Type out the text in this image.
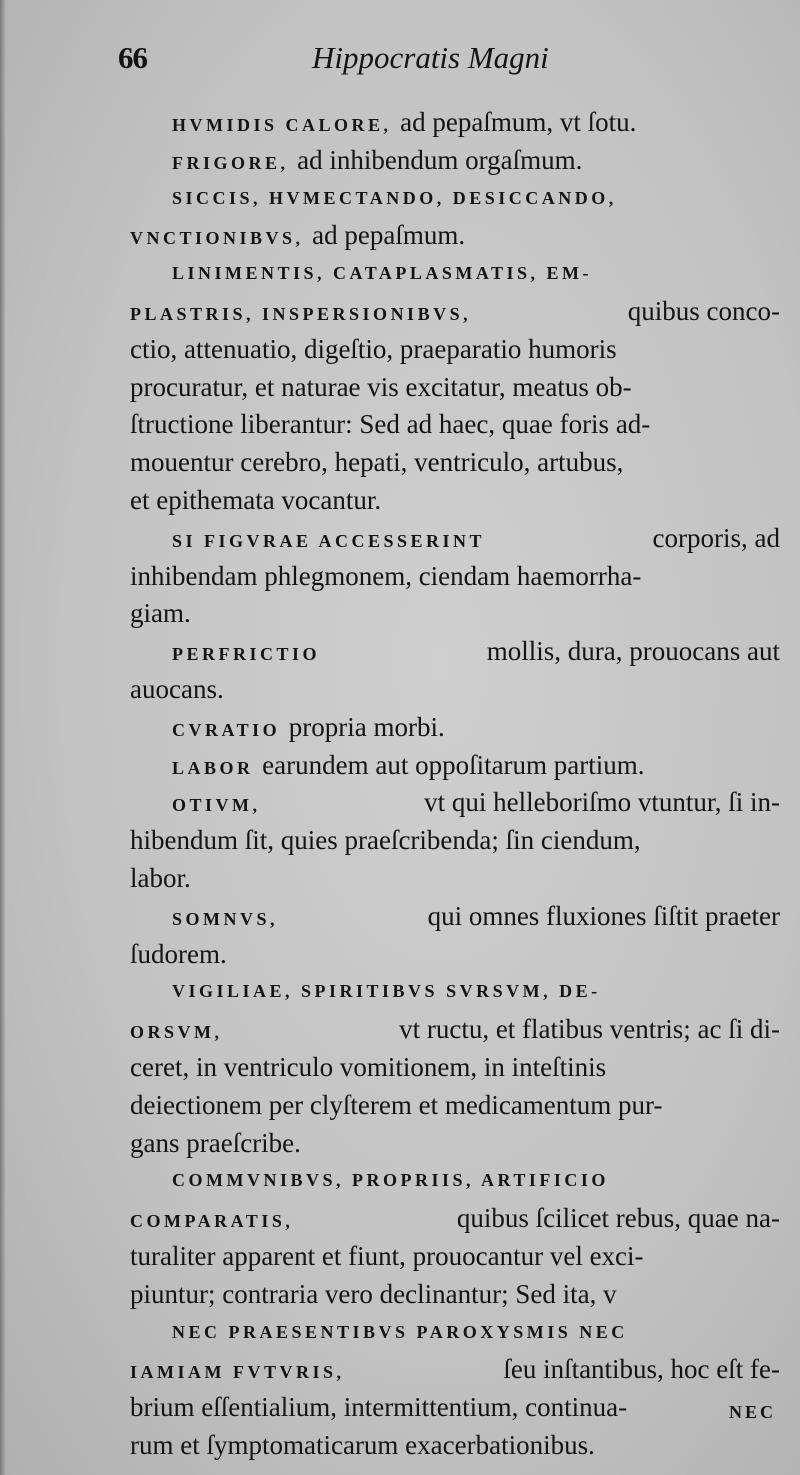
66	Hippocratis Magni
HVMIDIS CALORE, ad pepaſmum, vt ſotu.
FRIGORE, ad inhibendum orgaſmum.
SICCIS, HVMECTANDO, DESICCANDO,
VNCTIONIBVS, ad pepaſmum.
LINIMENTIS, CATAPLASMATIS, EM-
PLASTRIS, INSPERSIONIBVS,	quibus conco-
ctio, attenuatio, digeſtio, praeparatio humoris
procuratur, et naturae vis excitatur, meatus ob-
ſtructione liberantur: Sed ad haec, quae foris ad-
mouentur cerebro, hepati, ventriculo, artubus,
et epithemata vocantur.
SI FIGVRAE ACCESSERINT	corporis, ad
inhibendam phlegmonem, ciendam haemorrha-
giam.
PERFRICTIO	mollis, dura, prouocans aut
auocans.
CVRATIO propria morbi.
LABOR earundem aut oppoſitarum partium.
OTIVM,	vt qui helleboriſmo vtuntur, ſi in-
hibendum ſit, quies praeſcribenda; ſin ciendum,
labor.
SOMNVS,	qui omnes fluxiones ſiſtit praeter
ſudorem.
VIGILIAE, SPIRITIBVS SVRSVM, DE-
ORSVM,	vt ructu, et flatibus ventris; ac ſi di-
ceret, in ventriculo vomitionem, in inteſtinis
deiectionem per clyſterem et medicamentum pur-
gans praeſcribe.
COMMVNIBVS, PROPRIIS, ARTIFICIO
COMPARATIS,	quibus ſcilicet rebus, quae na-
turaliter apparent et fiunt, prouocantur vel exci-
piuntur; contraria vero declinantur; Sed ita, v
NEC PRAESENTIBVS PAROXYSMIS NEC
IAMIAM FVTVRIS,	ſeu inſtantibus, hoc eſt fe-
brium eſſentialium, intermittentium, continua-
rum et ſymptomaticarum exacerbationibus.
NEC
